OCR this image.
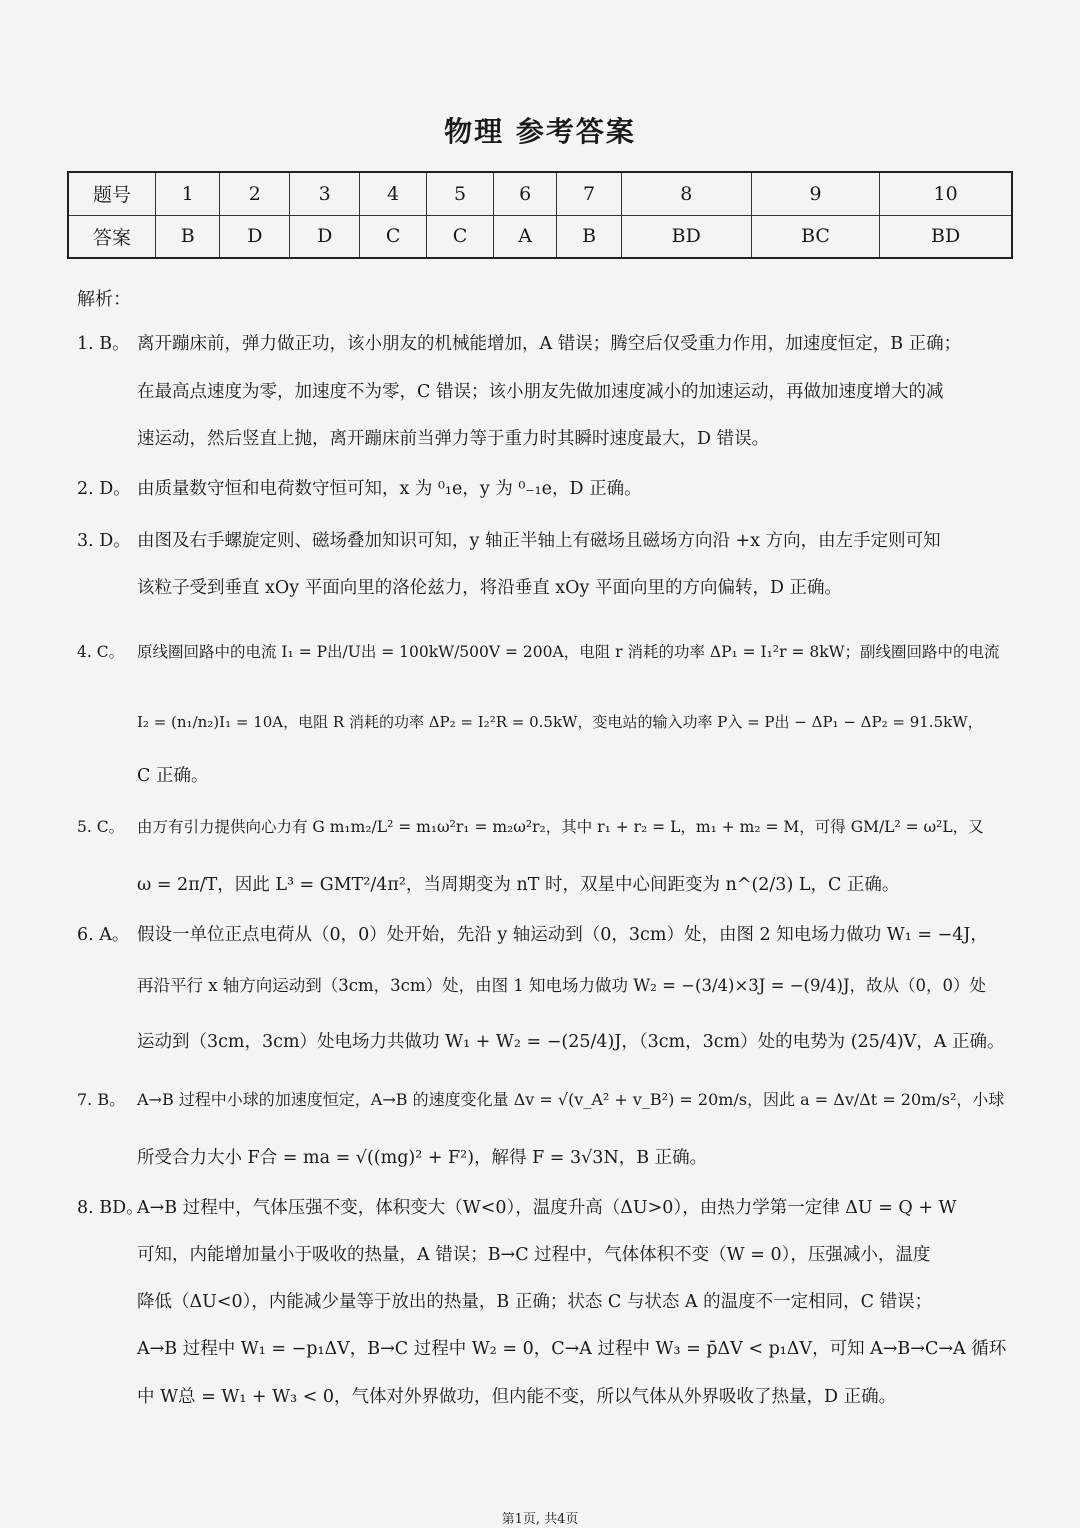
物理 参考答案
题号	1	2	3	4	5	6	7	8	9	10
答案	B	D	D	C	C	A	B	BD	BC	BD
解析：
1. B。 离开蹦床前，弹力做正功，该小朋友的机械能增加，A 错误；腾空后仅受重力作用，加速度恒定，B 正确；
在最高点速度为零，加速度不为零，C 错误；该小朋友先做加速度减小的加速运动，再做加速度增大的减
速运动，然后竖直上抛，离开蹦床前当弹力等于重力时其瞬时速度最大，D 错误。
2. D。 由质量数守恒和电荷数守恒可知，x 为 ⁰₁e，y 为 ⁰₋₁e，D 正确。
3. D。 由图及右手螺旋定则、磁场叠加知识可知，y 轴正半轴上有磁场且磁场方向沿 +x 方向，由左手定则可知
该粒子受到垂直 xOy 平面向里的洛伦兹力，将沿垂直 xOy 平面向里的方向偏转，D 正确。
4. C。 原线圈回路中的电流 I₁ = P出/U出 = 100kW/500V = 200A，电阻 r 消耗的功率 ΔP₁ = I₁²r = 8kW；副线圈回路中的电流
I₂ = (n₁/n₂)I₁ = 10A，电阻 R 消耗的功率 ΔP₂ = I₂²R = 0.5kW，变电站的输入功率 P入 = P出 − ΔP₁ − ΔP₂ = 91.5kW，
C 正确。
5. C。 由万有引力提供向心力有 G m₁m₂/L² = m₁ω²r₁ = m₂ω²r₂，其中 r₁ + r₂ = L，m₁ + m₂ = M，可得 GM/L² = ω²L，又
ω = 2π/T，因此 L³ = GMT²/4π²，当周期变为 nT 时，双星中心间距变为 n^(2/3) L，C 正确。
6. A。 假设一单位正点电荷从（0，0）处开始，先沿 y 轴运动到（0，3cm）处，由图 2 知电场力做功 W₁ = −4J，
再沿平行 x 轴方向运动到（3cm，3cm）处，由图 1 知电场力做功 W₂ = −(3/4)×3J = −(9/4)J，故从（0，0）处
运动到（3cm，3cm）处电场力共做功 W₁ + W₂ = −(25/4)J，（3cm，3cm）处的电势为 (25/4)V，A 正确。
7. B。 A→B 过程中小球的加速度恒定，A→B 的速度变化量 Δv = √(v_A² + v_B²) = 20m/s，因此 a = Δv/Δt = 20m/s²，小球
所受合力大小 F合 = ma = √((mg)² + F²)，解得 F = 3√3N，B 正确。
8. BD。A→B 过程中，气体压强不变，体积变大（W<0），温度升高（ΔU>0），由热力学第一定律 ΔU = Q + W
可知，内能增加量小于吸收的热量，A 错误；B→C 过程中，气体体积不变（W = 0），压强减小，温度
降低（ΔU<0），内能减少量等于放出的热量，B 正确；状态 C 与状态 A 的温度不一定相同，C 错误；
A→B 过程中 W₁ = −p₁ΔV，B→C 过程中 W₂ = 0，C→A 过程中 W₃ = p̄ΔV < p₁ΔV，可知 A→B→C→A 循环
中 W总 = W₁ + W₃ < 0，气体对外界做功，但内能不变，所以气体从外界吸收了热量，D 正确。
第1页, 共4页
